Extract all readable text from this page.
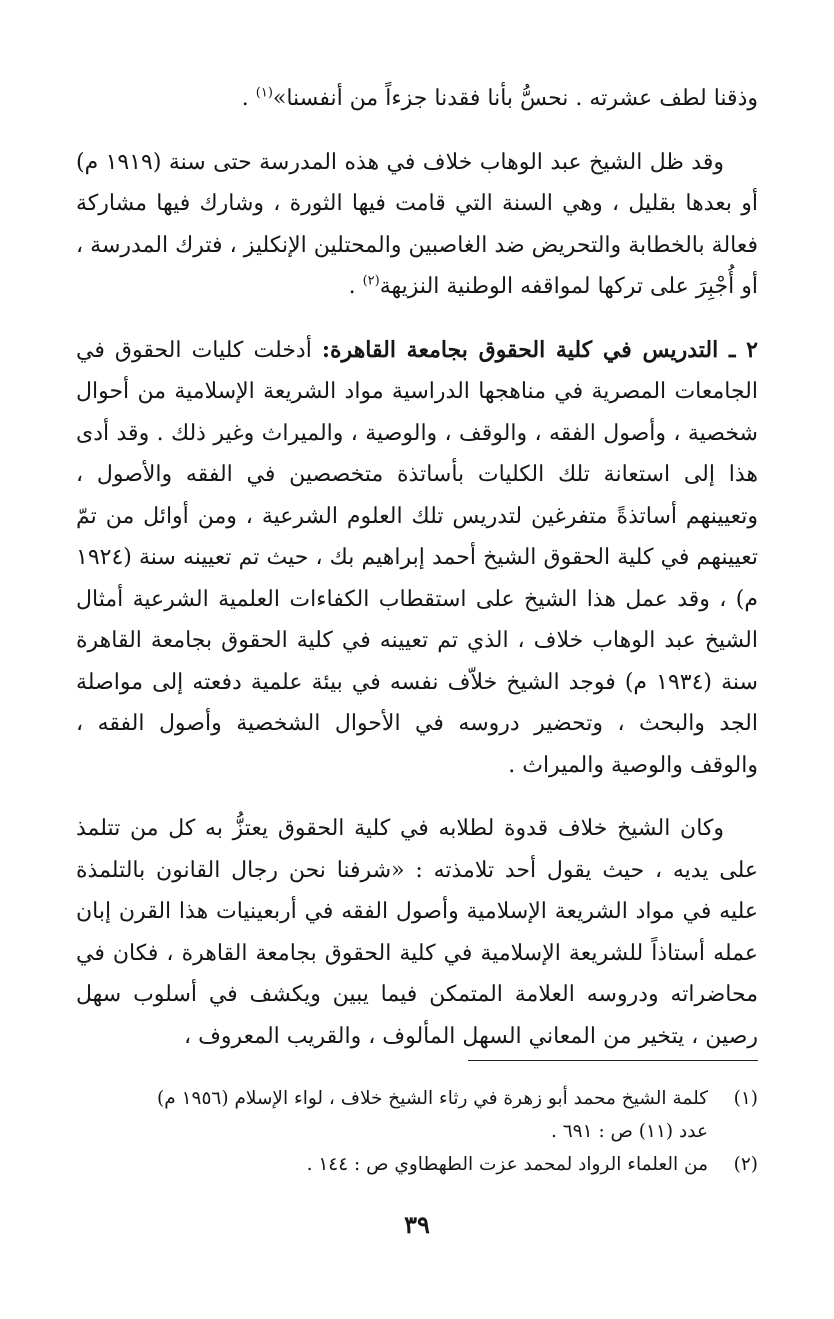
وذقنا لطف عشرته . نحسُّ بأنا فقدنا جزءاً من أنفسنا»$^{(١)}$ .

وقد ظل الشيخ عبد الوهاب خلاف في هذه المدرسة حتى سنة (١٩١٩ م) أو بعدها بقليل ، وهي السنة التي قامت فيها الثورة ، وشارك فيها مشاركة فعالة بالخطابة والتحريض ضد الغاصبين والمحتلين الإنكليز ، فترك المدرسة ، أو أُجْبِرَ على تركها لمواقفه الوطنية النزيهة$^{(٢)}$ .

٢ ـ التدريس في كلية الحقوق بجامعة القاهرة: أدخلت كليات الحقوق في الجامعات المصرية في مناهجها الدراسية مواد الشريعة الإسلامية من أحوال شخصية ، وأصول الفقه ، والوقف ، والوصية ، والميراث وغير ذلك . وقد أدى هذا إلى استعانة تلك الكليات بأساتذة متخصصين في الفقه والأصول ، وتعيينهم أساتذةً متفرغين لتدريس تلك العلوم الشرعية ، ومن أوائل من تمّ تعيينهم في كلية الحقوق الشيخ أحمد إبراهيم بك ، حيث تم تعيينه سنة (١٩٢٤ م) ، وقد عمل هذا الشيخ على استقطاب الكفاءات العلمية الشرعية أمثال الشيخ عبد الوهاب خلاف ، الذي تم تعيينه في كلية الحقوق بجامعة القاهرة سنة (١٩٣٤ م) فوجد الشيخ خلاّف نفسه في بيئة علمية دفعته إلى مواصلة الجد والبحث ، وتحضير دروسه في الأحوال الشخصية وأصول الفقه ، والوقف والوصية والميراث .

وكان الشيخ خلاف قدوة لطلابه في كلية الحقوق يعتزُّ به كل من تتلمذ على يديه ، حيث يقول أحد تلامذته : «شرفنا نحن رجال القانون بالتلمذة عليه في مواد الشريعة الإسلامية وأصول الفقه في أربعينيات هذا القرن إبان عمله أستاذاً للشريعة الإسلامية في كلية الحقوق بجامعة القاهرة ، فكان في محاضراته ودروسه العلامة المتمكن فيما يبين ويكشف في أسلوب سهل رصين ، يتخير من المعاني السهل المألوف ، والقريب المعروف ،

(١)
كلمة الشيخ محمد أبو زهرة في رثاء الشيخ خلاف ، لواء الإسلام (١٩٥٦ م)
عدد (١١) ص : ٦٩١ .
(٢)
من العلماء الرواد لمحمد عزت الطهطاوي ص : ١٤٤ .
٣٩
